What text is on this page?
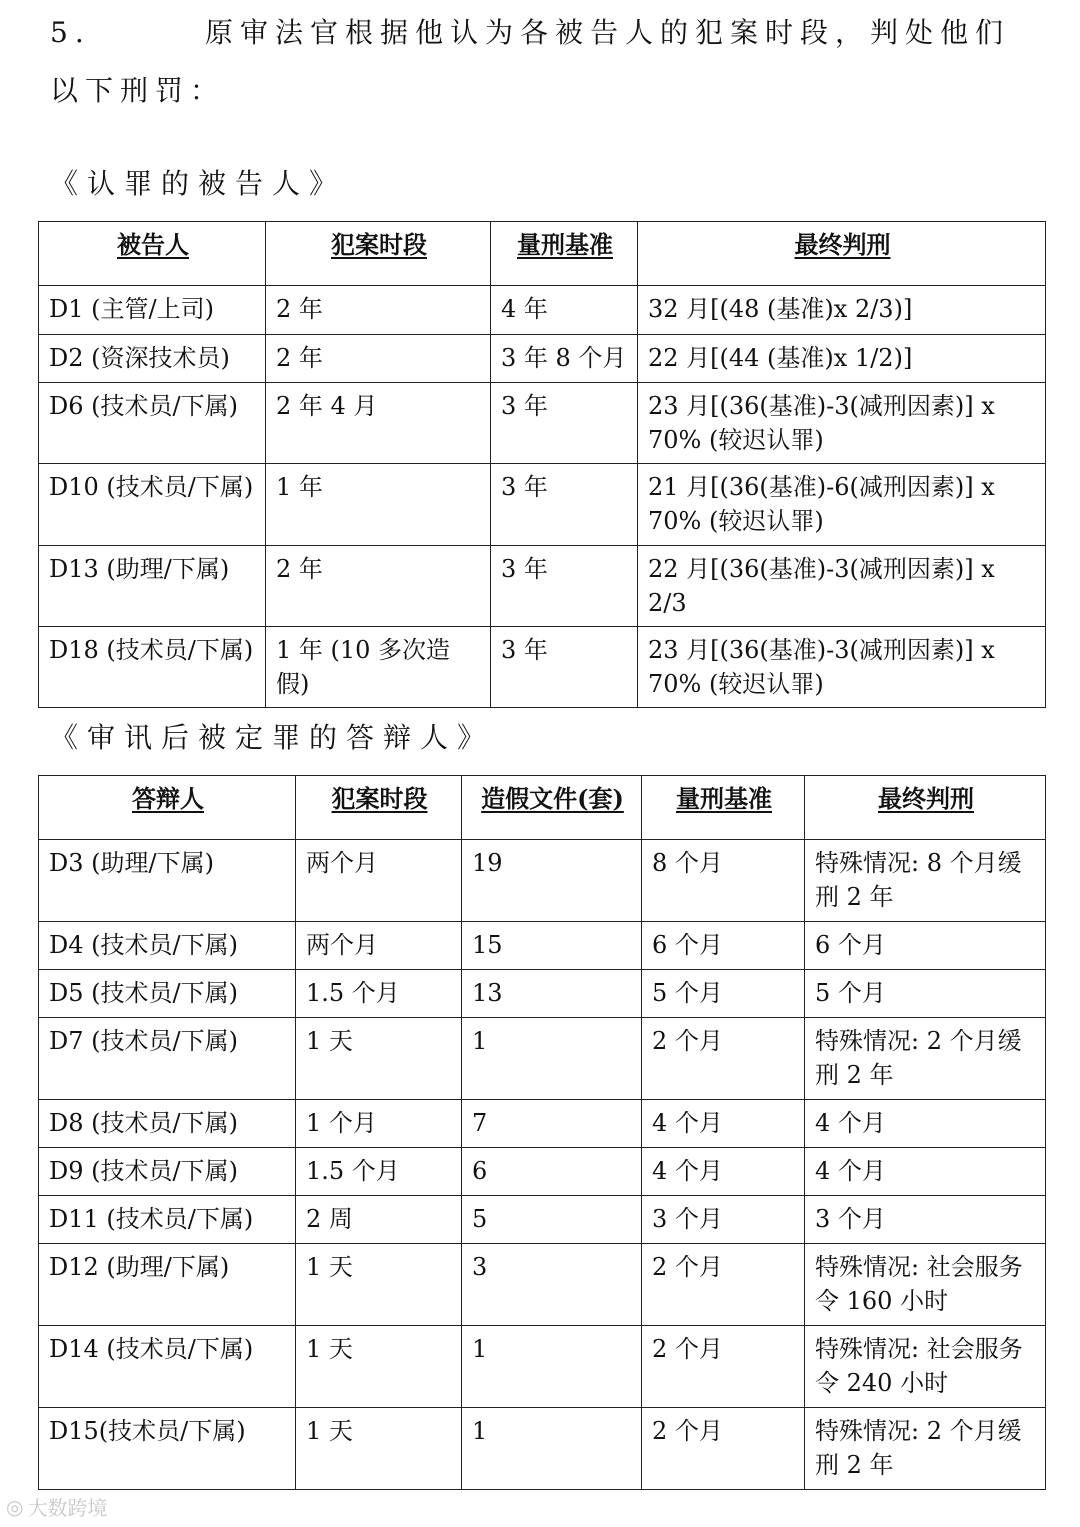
5.	原审法官根据他认为各被告人的犯案时段，判处他们以下刑罚：
《认罪的被告人》
被告人	犯案时段	量刑基准	最终判刑
D1 (主管/上司)	2 年	4 年	32 月[(48 (基准)x 2/3)]
D2 (资深技术员)	2 年	3 年 8 个月	22 月[(44 (基准)x 1/2)]
D6 (技术员/下属)	2 年 4 月	3 年	23 月[(36(基准)-3(减刑因素)] x 70% (较迟认罪)
D10 (技术员/下属)	1 年	3 年	21 月[(36(基准)-6(减刑因素)] x 70% (较迟认罪)
D13 (助理/下属)	2 年	3 年	22 月[(36(基准)-3(减刑因素)] x 2/3
D18 (技术员/下属)	1 年 (10 多次造假)	3 年	23 月[(36(基准)-3(减刑因素)] x 70% (较迟认罪)
《审讯后被定罪的答辩人》
答辩人	犯案时段	造假文件(套)	量刑基准	最终判刑
D3 (助理/下属)	两个月	19	8 个月	特殊情况: 8 个月缓刑 2 年
D4 (技术员/下属)	两个月	15	6 个月	6 个月
D5 (技术员/下属)	1.5 个月	13	5 个月	5 个月
D7 (技术员/下属)	1 天	1	2 个月	特殊情况: 2 个月缓刑 2 年
D8 (技术员/下属)	1 个月	7	4 个月	4 个月
D9 (技术员/下属)	1.5 个月	6	4 个月	4 个月
D11 (技术员/下属)	2 周	5	3 个月	3 个月
D12 (助理/下属)	1 天	3	2 个月	特殊情况: 社会服务令 160 小时
D14 (技术员/下属)	1 天	1	2 个月	特殊情况: 社会服务令 240 小时
D15(技术员/下属)	1 天	1	2 个月	特殊情况: 2 个月缓刑 2 年
◎ 大数跨境
